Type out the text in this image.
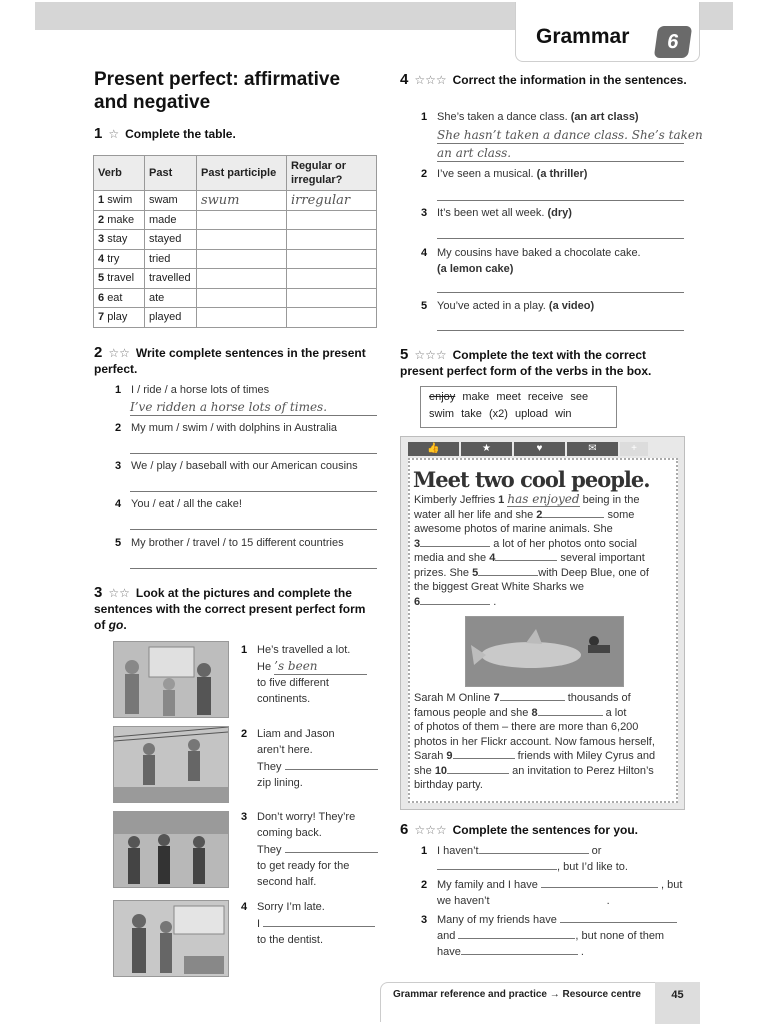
Grammar	6
Present perfect: affirmative and negative
1 ☆ Complete the table.
Verb	Past	Past participle	Regular or irregular?
1 swim	swam	swum	irregular
2 make	made		
3 stay	stayed		
4 try	tried		
5 travel	travelled		
6 eat	ate		
7 play	played		
2 ☆☆ Write complete sentences in the present perfect.
1 I / ride / a horse lots of times
I’ve ridden a horse lots of times.
2 My mum / swim / with dolphins in Australia
3 We / play / baseball with our American cousins
4 You / eat / all the cake!
5 My brother / travel / to 15 different countries
3 ☆☆ Look at the pictures and complete the sentences with the correct present perfect form of go.
1 He’s travelled a lot.
He ’s been
to five different
continents.
2 Liam and Jason
aren’t here.
They
zip lining.
3 Don’t worry! They’re
coming back.
They
to get ready for the
second half.
4 Sorry I’m late.
I
to the dentist.
4 ☆☆☆ Correct the information in the sentences.
1 She’s taken a dance class. (an art class)
She hasn’t taken a dance class. She’s taken
an art class.
2 I’ve seen a musical. (a thriller)
3 It’s been wet all week. (dry)
4 My cousins have baked a chocolate cake.
(a lemon cake)
5 You’ve acted in a play. (a video)
5 ☆☆☆ Complete the text with the correct present perfect form of the verbs in the box.
enjoy make meet receive see
swim take (x2) upload win
👍	★	♥	✉	+
Meet two cool people.
Kimberly Jeffries 1 has enjoyed being in the
water all her life and she 2	some
awesome photos of marine animals. She
3	a lot of her photos onto social
media and she 4	several important
prizes. She 5	with Deep Blue, one of
the biggest Great White Sharks we
6	.
Sarah M Online 7	thousands of
famous people and she 8	a lot
of photos of them – there are more than 6,200
photos in her Flickr account. Now famous herself,
Sarah 9	friends with Miley Cyrus and
she 10	an invitation to Perez Hilton’s
birthday party.
6 ☆☆☆ Complete the sentences for you.
1 I haven’t	or
, but I’d like to.
2 My family and I have	, but
we haven’t	.
3 Many of my friends have
and	, but none of them
have	.
Grammar reference and practice → Resource centre	45
